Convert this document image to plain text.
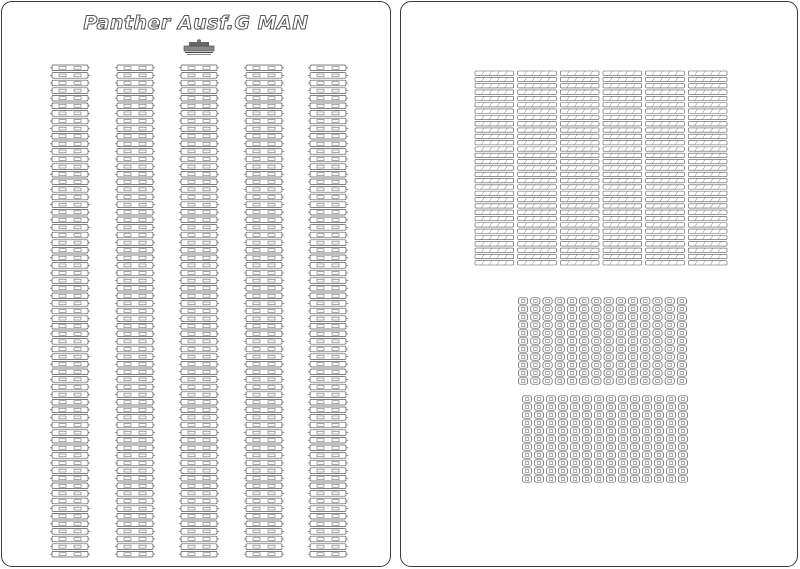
Panther Ausf.G MAN
